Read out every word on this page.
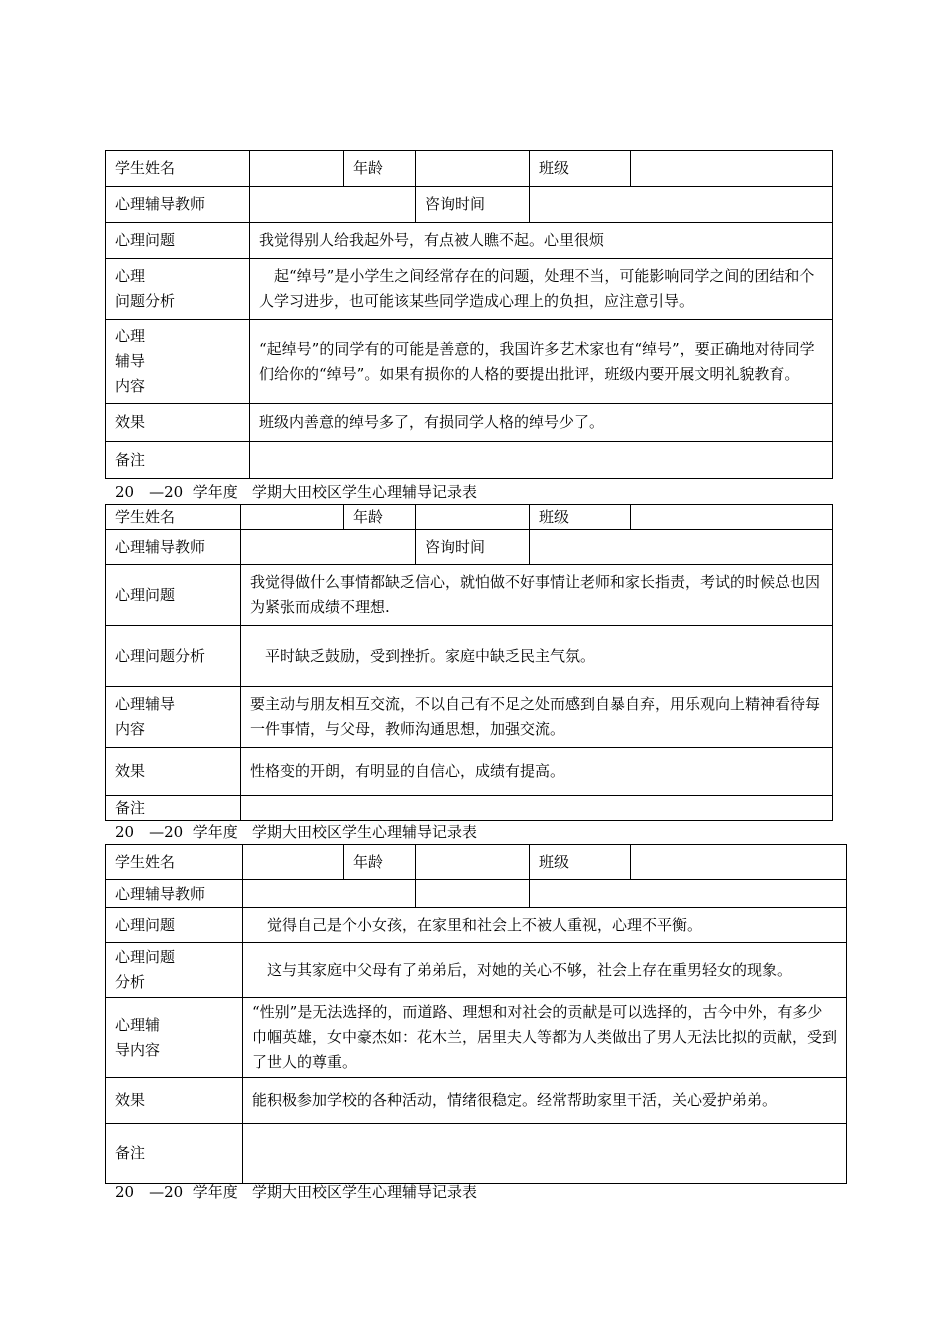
学生姓名		年龄		班级	
心理辅导教师			咨询时间		
心理问题	我觉得别人给我起外号，有点被人瞧不起。心里很烦				
心理
问题分析	　起“绰号”是小学生之间经常存在的问题，处理不当，可能影响同学之间的团结和个人学习进步，也可能该某些同学造成心理上的负担，应注意引导。				
心理
辅导
内容	“起绰号”的同学有的可能是善意的，我国许多艺术家也有“绰号”，要正确地对待同学们给你的“绰号”。如果有损你的人格的要提出批评，班级内要开展文明礼貌教育。				
效果	班级内善意的绰号多了，有损同学人格的绰号少了。				
备注					
20　—20  学年度   学期大田校区学生心理辅导记录表
学生姓名		年龄		班级	
心理辅导教师			咨询时间		
心理问题	我觉得做什么事情都缺乏信心，就怕做不好事情让老师和家长指责，考试的时候总也因为紧张而成绩不理想.				
心理问题分析	　平时缺乏鼓励，受到挫折。家庭中缺乏民主气氛。				
心理辅导
内容	要主动与朋友相互交流，不以自己有不足之处而感到自暴自弃，用乐观向上精神看待每一件事情，与父母，教师沟通思想，加强交流。				
效果	性格变的开朗，有明显的自信心，成绩有提高。				
备注					
20　—20  学年度   学期大田校区学生心理辅导记录表
学生姓名		年龄		班级	
心理辅导教师					
心理问题	　觉得自己是个小女孩，在家里和社会上不被人重视，心理不平衡。				
心理问题
分析	　这与其家庭中父母有了弟弟后，对她的关心不够，社会上存在重男轻女的现象。				
心理辅
导内容	“性别”是无法选择的，而道路、理想和对社会的贡献是可以选择的，古今中外，有多少巾帼英雄，女中豪杰如：花木兰，居里夫人等都为人类做出了男人无法比拟的贡献，受到了世人的尊重。				
效果	能积极参加学校的各种活动，情绪很稳定。经常帮助家里干活，关心爱护弟弟。				
备注					
20　—20  学年度   学期大田校区学生心理辅导记录表
